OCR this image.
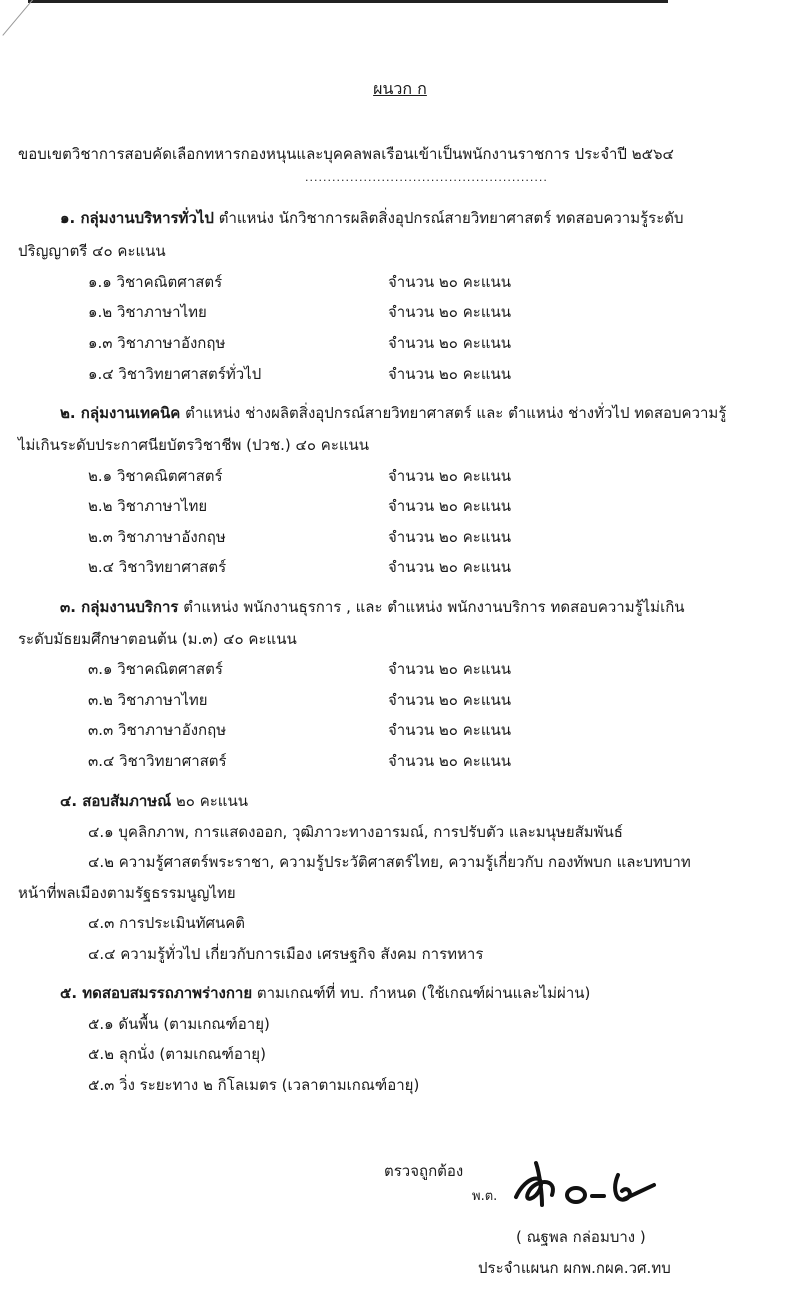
ผนวก ก
ขอบเขตวิชาการสอบคัดเลือกทหารกองหนุนและบุคคลพลเรือนเข้าเป็นพนักงานราชการ ประจำปี ๒๕๖๔
......................................................
๑. กลุ่มงานบริหารทั่วไป ตำแหน่ง นักวิชาการผลิตสิ่งอุปกรณ์สายวิทยาศาสตร์ ทดสอบความรู้ระดับ
ปริญญาตรี ๔๐ คะแนน
๑.๑ วิชาคณิตศาสตร์	จำนวน ๒๐ คะแนน
๑.๒ วิชาภาษาไทย	จำนวน ๒๐ คะแนน
๑.๓ วิชาภาษาอังกฤษ	จำนวน ๒๐ คะแนน
๑.๔ วิชาวิทยาศาสตร์ทั่วไป	จำนวน ๒๐ คะแนน
๒. กลุ่มงานเทคนิค ตำแหน่ง ช่างผลิตสิ่งอุปกรณ์สายวิทยาศาสตร์ และ ตำแหน่ง ช่างทั่วไป ทดสอบความรู้
ไม่เกินระดับประกาศนียบัตรวิชาชีพ (ปวช.) ๔๐ คะแนน
๒.๑ วิชาคณิตศาสตร์	จำนวน ๒๐ คะแนน
๒.๒ วิชาภาษาไทย	จำนวน ๒๐ คะแนน
๒.๓ วิชาภาษาอังกฤษ	จำนวน ๒๐ คะแนน
๒.๔ วิชาวิทยาศาสตร์	จำนวน ๒๐ คะแนน
๓. กลุ่มงานบริการ ตำแหน่ง พนักงานธุรการ , และ ตำแหน่ง พนักงานบริการ ทดสอบความรู้ไม่เกิน
ระดับมัธยมศึกษาตอนต้น (ม.๓) ๔๐ คะแนน
๓.๑ วิชาคณิตศาสตร์	จำนวน ๒๐ คะแนน
๓.๒ วิชาภาษาไทย	จำนวน ๒๐ คะแนน
๓.๓ วิชาภาษาอังกฤษ	จำนวน ๒๐ คะแนน
๓.๔ วิชาวิทยาศาสตร์	จำนวน ๒๐ คะแนน
๔. สอบสัมภาษณ์ ๒๐ คะแนน
๔.๑ บุคลิกภาพ, การแสดงออก, วุฒิภาวะทางอารมณ์, การปรับตัว และมนุษยสัมพันธ์
๔.๒ ความรู้ศาสตร์พระราชา, ความรู้ประวัติศาสตร์ไทย, ความรู้เกี่ยวกับ กองทัพบก และบทบาท
หน้าที่พลเมืองตามรัฐธรรมนูญไทย
๔.๓ การประเมินทัศนคติ
๔.๔ ความรู้ทั่วไป เกี่ยวกับการเมือง เศรษฐกิจ สังคม การทหาร
๕. ทดสอบสมรรถภาพร่างกาย ตามเกณฑ์ที่ ทบ. กำหนด (ใช้เกณฑ์ผ่านและไม่ผ่าน)
๕.๑ ดันพื้น (ตามเกณฑ์อายุ)
๕.๒ ลุกนั่ง (ตามเกณฑ์อายุ)
๕.๓ วิ่ง ระยะทาง ๒ กิโลเมตร (เวลาตามเกณฑ์อายุ)
ตรวจถูกต้อง
พ.ต.
( ณฐพล กล่อมบาง )
ประจำแผนก ผกพ.กผค.วศ.ทบ
